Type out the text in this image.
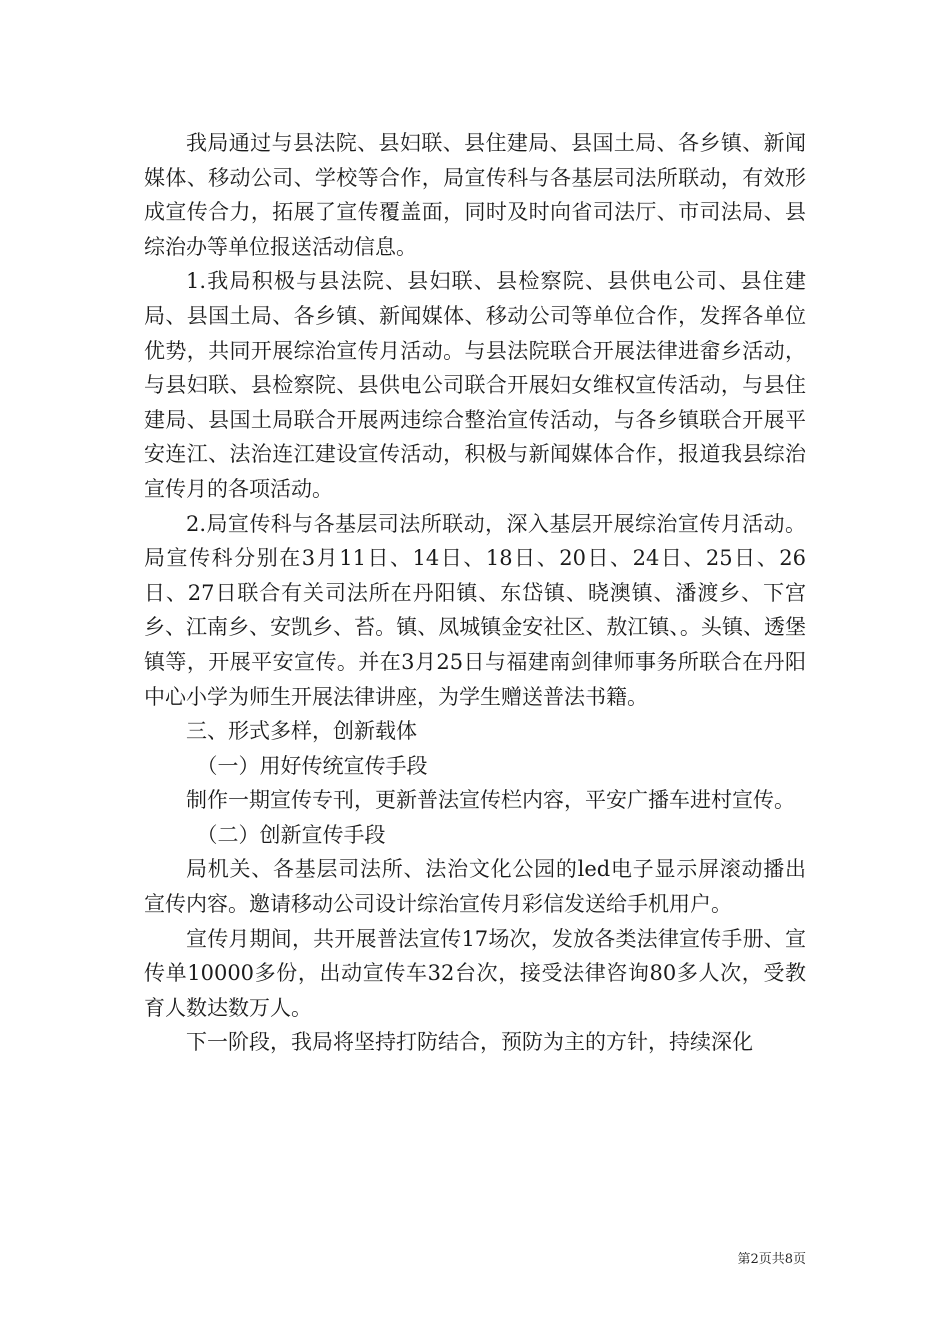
我局通过与县法院、县妇联、县住建局、县国土局、各乡镇、新闻媒体、移动公司、学校等合作，局宣传科与各基层司法所联动，有效形成宣传合力，拓展了宣传覆盖面，同时及时向省司法厅、市司法局、县综治办等单位报送活动信息。

1.我局积极与县法院、县妇联、县检察院、县供电公司、县住建局、县国土局、各乡镇、新闻媒体、移动公司等单位合作，发挥各单位优势，共同开展综治宣传月活动。与县法院联合开展法律进畲乡活动，与县妇联、县检察院、县供电公司联合开展妇女维权宣传活动，与县住建局、县国土局联合开展两违综合整治宣传活动，与各乡镇联合开展平安连江、法治连江建设宣传活动，积极与新闻媒体合作，报道我县综治宣传月的各项活动。

2.局宣传科与各基层司法所联动，深入基层开展综治宣传月活动。局宣传科分别在3月11日、14日、18日、20日、24日、25日、26日、27日联合有关司法所在丹阳镇、东岱镇、晓澳镇、潘渡乡、下宫乡、江南乡、安凯乡、苔。镇、凤城镇金安社区、敖江镇、。头镇、透堡镇等，开展平安宣传。并在3月25日与福建南剑律师事务所联合在丹阳中心小学为师生开展法律讲座，为学生赠送普法书籍。

三、形式多样，创新载体

（一）用好传统宣传手段

制作一期宣传专刊，更新普法宣传栏内容，平安广播车进村宣传。

（二）创新宣传手段

局机关、各基层司法所、法治文化公园的led电子显示屏滚动播出宣传内容。邀请移动公司设计综治宣传月彩信发送给手机用户。

宣传月期间，共开展普法宣传17场次，发放各类法律宣传手册、宣传单10000多份，出动宣传车32台次，接受法律咨询80多人次，受教育人数达数万人。

下一阶段，我局将坚持打防结合，预防为主的方针，持续深化

第2页共8页
